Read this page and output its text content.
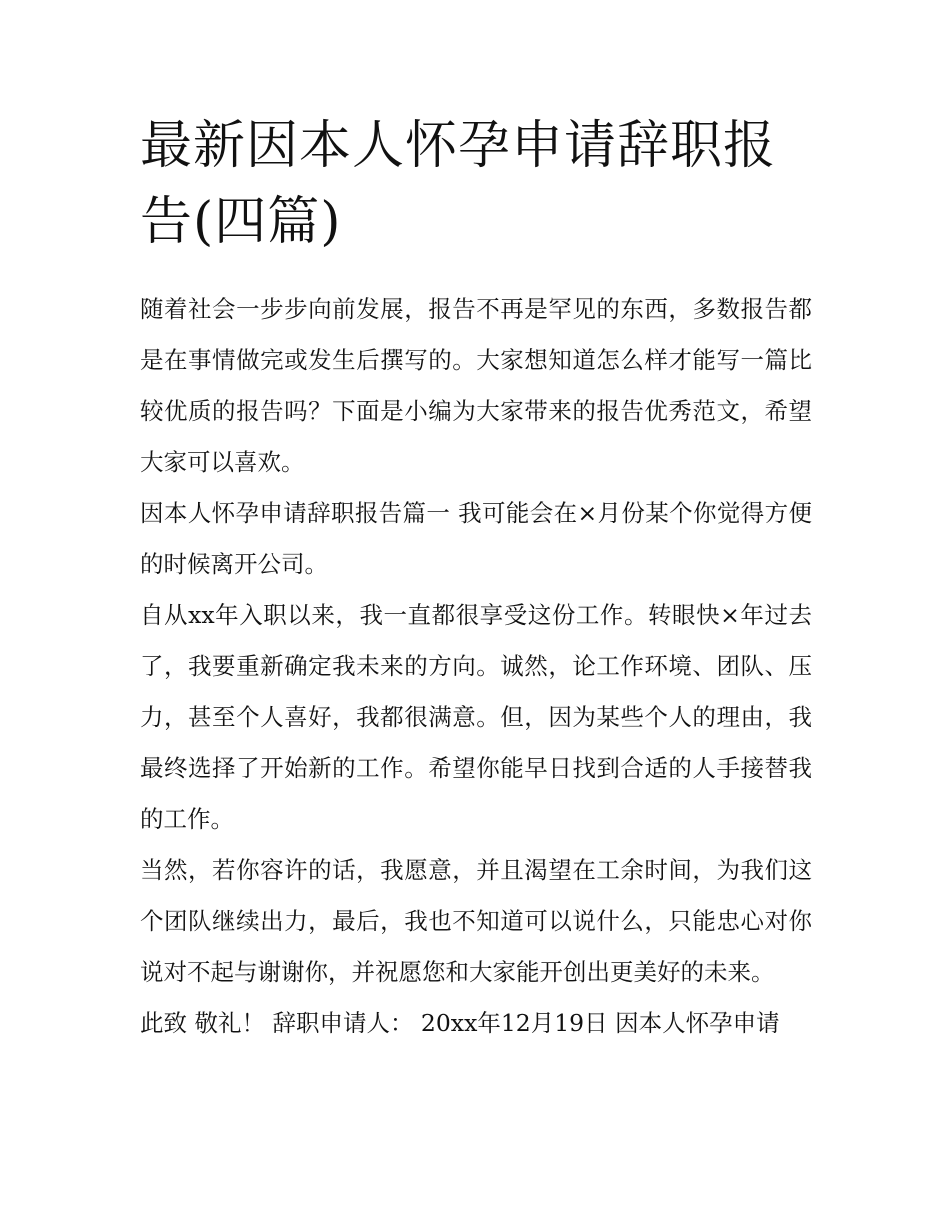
最新因本人怀孕申请辞职报告(四篇)

随着社会一步步向前发展，报告不再是罕见的东西，多数报告都是在事情做完或发生后撰写的。大家想知道怎么样才能写一篇比较优质的报告吗？下面是小编为大家带来的报告优秀范文，希望大家可以喜欢。

因本人怀孕申请辞职报告篇一 我可能会在×月份某个你觉得方便的时候离开公司。

自从xx年入职以来，我一直都很享受这份工作。转眼快×年过去了，我要重新确定我未来的方向。诚然，论工作环境、团队、压力，甚至个人喜好，我都很满意。但，因为某些个人的理由，我最终选择了开始新的工作。希望你能早日找到合适的人手接替我的工作。

当然，若你容许的话，我愿意，并且渴望在工余时间，为我们这个团队继续出力，最后，我也不知道可以说什么，只能忠心对你说对不起与谢谢你，并祝愿您和大家能开创出更美好的未来。

此致 敬礼！ 辞职申请人： 20xx年12月19日 因本人怀孕申请
